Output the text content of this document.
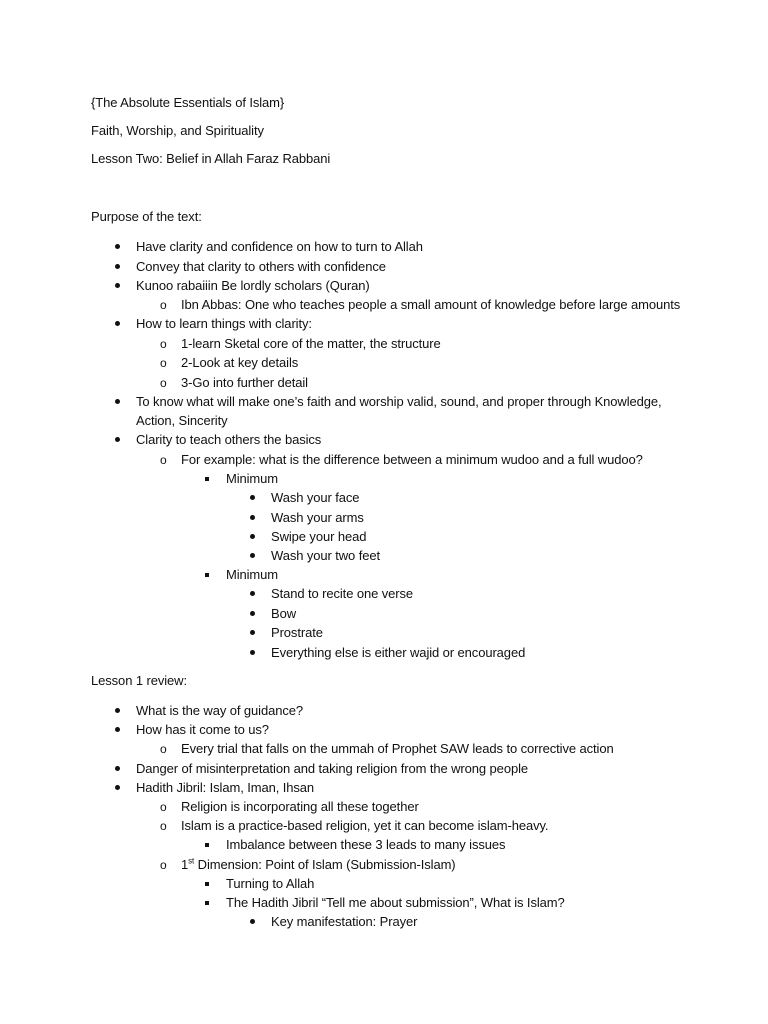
{The Absolute Essentials of Islam}
Faith, Worship, and Spirituality
Lesson Two: Belief in Allah Faraz Rabbani
Purpose of the text:
Have clarity and confidence on how to turn to Allah
Convey that clarity to others with confidence
Kunoo rabaiiin Be lordly scholars (Quran)
o Ibn Abbas: One who teaches people a small amount of knowledge before large amounts
How to learn things with clarity:
o 1-learn Sketal core of the matter, the structure
o 2-Look at key details
o 3-Go into further detail
To know what will make one’s faith and worship valid, sound, and proper through Knowledge,
Action, Sincerity
Clarity to teach others the basics
o For example: what is the difference between a minimum wudoo and a full wudoo?
Minimum
Wash your face
Wash your arms
Swipe your head
Wash your two feet
Minimum
Stand to recite one verse
Bow
Prostrate
Everything else is either wajid or encouraged
Lesson 1 review:
What is the way of guidance?
How has it come to us?
o Every trial that falls on the ummah of Prophet SAW leads to corrective action
Danger of misinterpretation and taking religion from the wrong people
Hadith Jibril: Islam, Iman, Ihsan
o Religion is incorporating all these together
o Islam is a practice-based religion, yet it can become islam-heavy.
Imbalance between these 3 leads to many issues
o 1st Dimension: Point of Islam (Submission-Islam)
Turning to Allah
The Hadith Jibril “Tell me about submission”, What is Islam?
Key manifestation: Prayer
